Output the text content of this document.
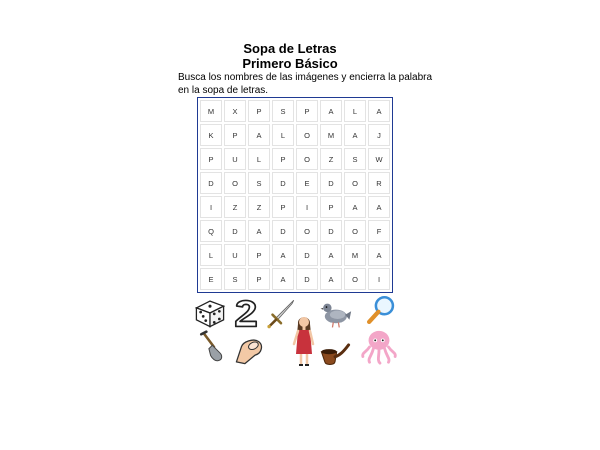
Sopa de Letras
Primero Básico
Busca los nombres de las imágenes y encierra la palabra
en la sopa de letras.
M	X	P	S	P	A	L	A
K	P	A	L	O	M	A	J
P	U	L	P	O	Z	S	W
D	O	S	D	E	D	O	R
I	Z	Z	P	I	P	A	A
Q	D	A	D	O	D	O	F
L	U	P	A	D	A	M	A
E	S	P	A	D	A	O	I
